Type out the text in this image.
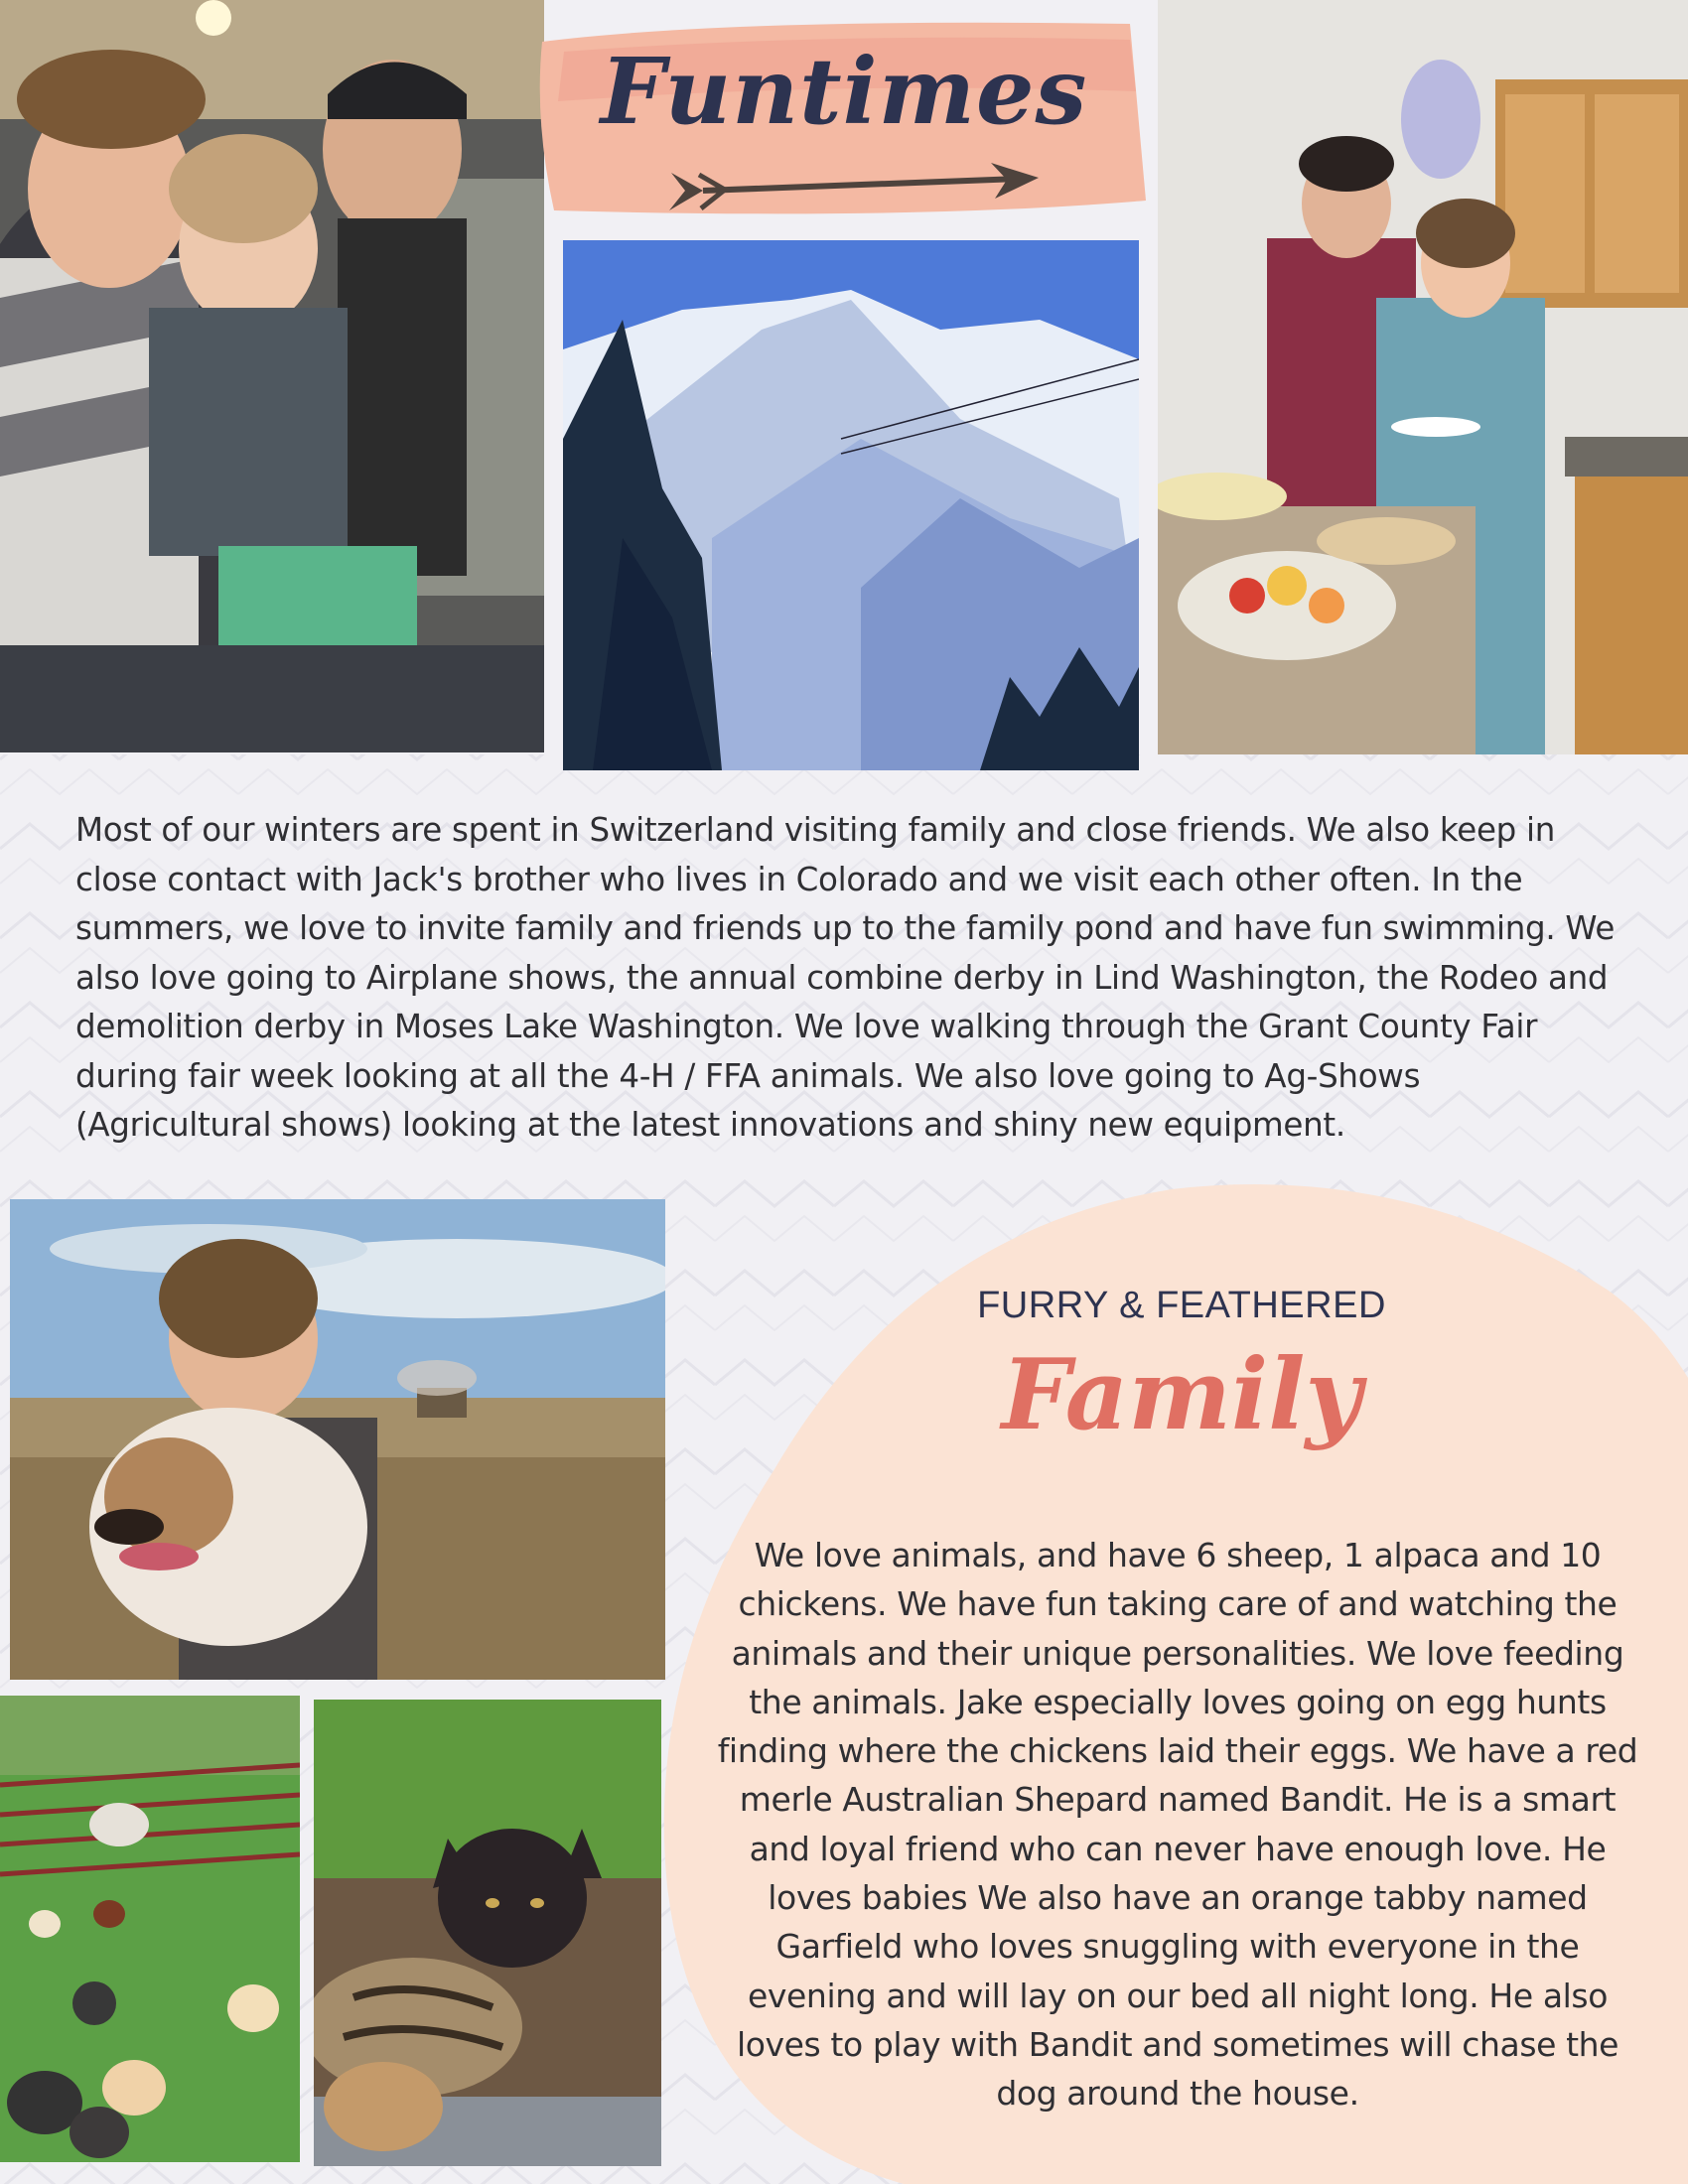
Funtimes

Most of our winters are spent in Switzerland visiting family and close friends. We also keep in close contact with Jack's brother who lives in Colorado and we visit each other often. In the summers, we love to invite family and friends up to the family pond and have fun swimming. We also love going to Airplane shows, the annual combine derby in Lind Washington, the Rodeo and demolition derby in Moses Lake Washington. We love walking through the Grant County Fair during fair week looking at all the 4-H / FFA animals. We also love going to Ag-Shows (Agricultural shows) looking at the latest innovations and shiny new equipment.

FURRY & FEATHERED
Family

We love animals, and have 6 sheep, 1 alpaca and 10 chickens. We have fun taking care of and watching the animals and their unique personalities. We love feeding the animals. Jake especially loves going on egg hunts finding where the chickens laid their eggs. We have a red merle Australian Shepard named Bandit. He is a smart and loyal friend who can never have enough love. He loves babies We also have an orange tabby named Garfield who loves snuggling with everyone in the evening and will lay on our bed all night long. He also loves to play with Bandit and sometimes will chase the dog around the house.
